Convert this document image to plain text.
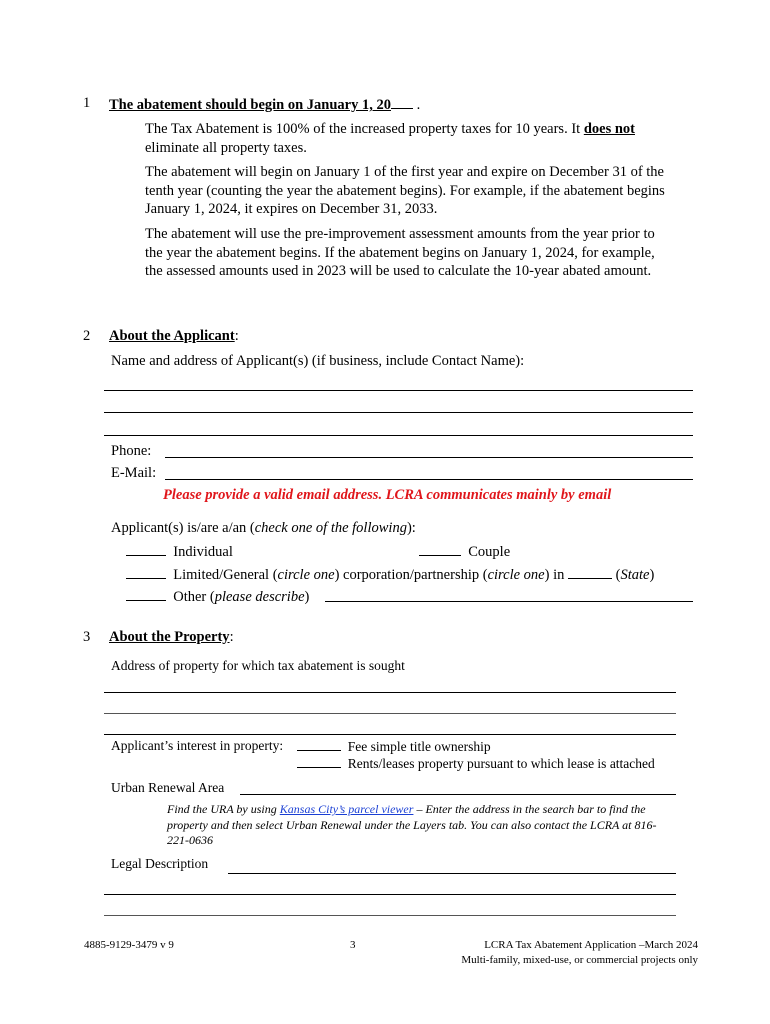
1 The abatement should begin on January 1, 20 .

The Tax Abatement is 100% of the increased property taxes for 10 years. It does not eliminate all property taxes.

The abatement will begin on January 1 of the first year and expire on December 31 of the tenth year (counting the year the abatement begins). For example, if the abatement begins January 1, 2024, it expires on December 31, 2033.

The abatement will use the pre-improvement assessment amounts from the year prior to the year the abatement begins. If the abatement begins on January 1, 2024, for example, the assessed amounts used in 2023 will be used to calculate the 10-year abated amount.

2 About the Applicant:
Name and address of Applicant(s) (if business, include Contact Name):
Phone:
E-Mail:
Please provide a valid email address. LCRA communicates mainly by email
Applicant(s) is/are a/an (check one of the following):
Individual	Couple
Limited/General (circle one) corporation/partnership (circle one) in	(State)
Other (please describe)
3 About the Property:
Address of property for which tax abatement is sought
Applicant’s interest in property:	Fee simple title ownership
Rents/leases property pursuant to which lease is attached
Urban Renewal Area

Find the URA by using Kansas City’s parcel viewer – Enter the address in the search bar to find the property and then select Urban Renewal under the Layers tab. You can also contact the LCRA at 816-221-0636

Legal Description
4885-9129-3479 v 9	3	LCRA Tax Abatement Application –March 2024
Multi-family, mixed-use, or commercial projects only
